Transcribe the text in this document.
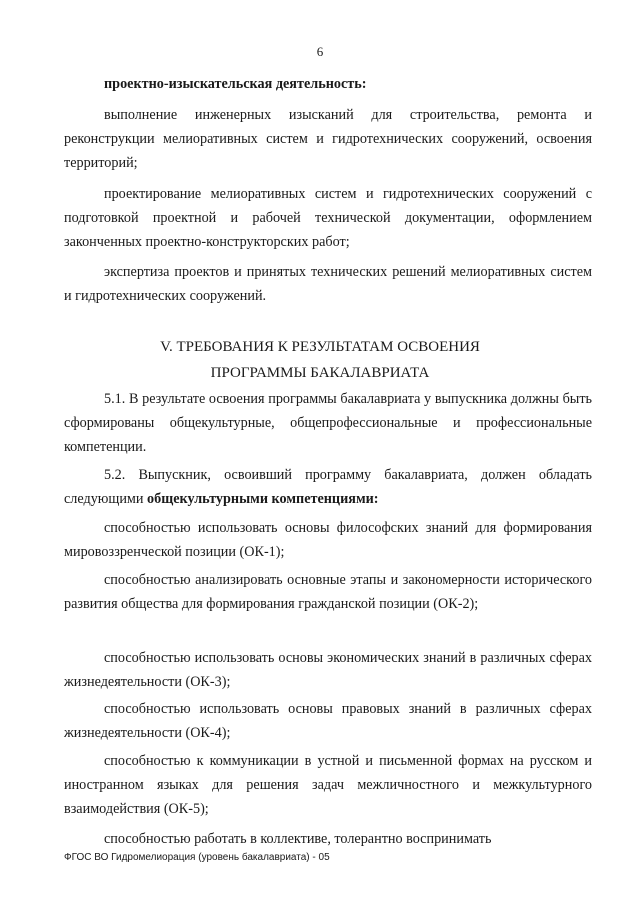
6
проектно-изыскательская деятельность:
выполнение инженерных изысканий для строительства, ремонта и реконструкции мелиоративных систем и гидротехнических сооружений, освоения территорий;
проектирование мелиоративных систем и гидротехнических сооружений с подготовкой проектной и рабочей технической документации, оформлением законченных проектно-конструкторских работ;
экспертиза проектов и принятых технических решений мелиоративных систем и гидротехнических сооружений.
V. ТРЕБОВАНИЯ К РЕЗУЛЬТАТАМ ОСВОЕНИЯ
ПРОГРАММЫ БАКАЛАВРИАТА
5.1. В результате освоения программы бакалавриата у выпускника должны быть сформированы общекультурные, общепрофессиональные и профессиональные компетенции.
5.2. Выпускник, освоивший программу бакалавриата, должен обладать следующими общекультурными компетенциями:
способностью использовать основы философских знаний для формирования мировоззренческой позиции (ОК-1);
способностью анализировать основные этапы и закономерности исторического развития общества для формирования гражданской позиции (ОК-2);
способностью использовать основы экономических знаний в различных сферах жизнедеятельности (ОК-3);
способностью использовать основы правовых знаний в различных сферах жизнедеятельности (ОК-4);
способностью к коммуникации в устной и письменной формах на русском и иностранном языках для решения задач межличностного и межкультурного взаимодействия (ОК-5);
способностью работать в коллективе, толерантно воспринимать
ФГОС ВО Гидромелиорация (уровень бакалавриата) - 05
